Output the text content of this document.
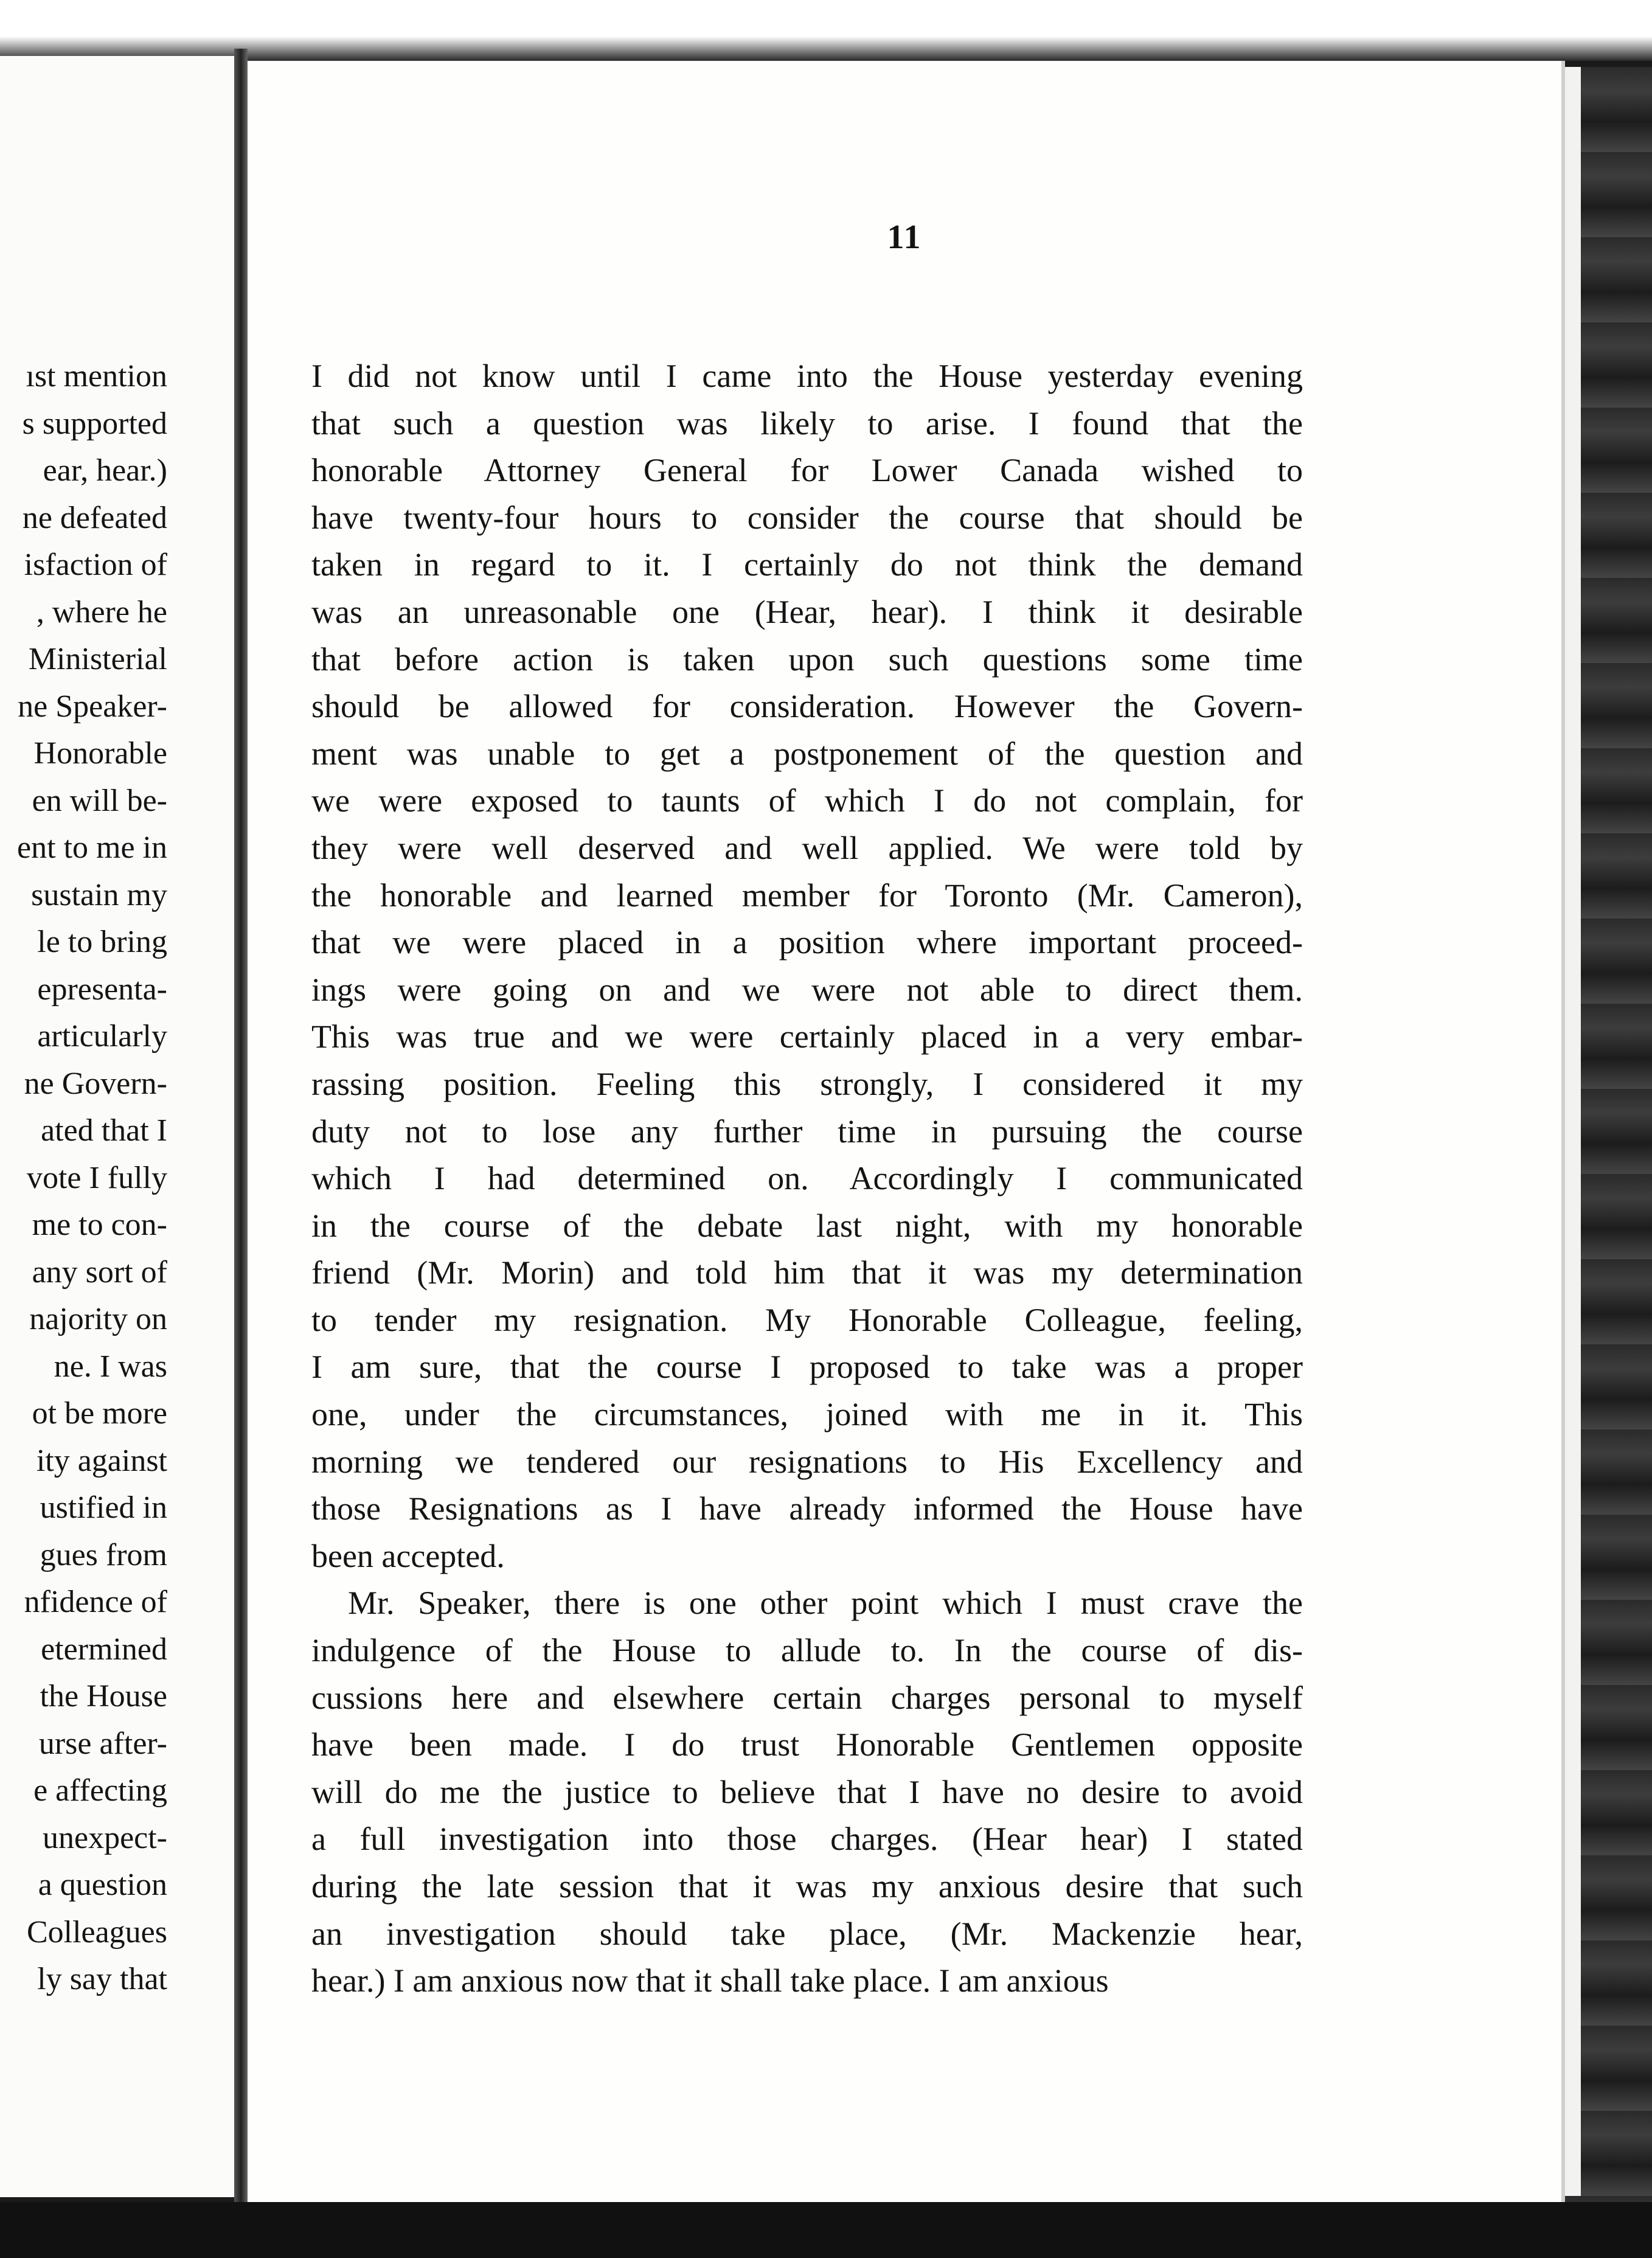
ıst mention
s supported
ear, hear.)
ne defeated
isfaction of
, where he
Ministerial
ne Speaker-
Honorable
en will be-
ent to me in
sustain my
le to bring
epresenta-
articularly
ne Govern-
ated that I
vote I fully
me to con-
any sort of
najority on
ne. I was
ot be more
ity against
ustified in
gues from
nfidence of
etermined
the House
urse after-
e affecting
unexpect-
a question
Colleagues
ly say that
11
I did not know until I came into the House yesterday evening
that such a question was likely to arise. I found that the
honorable Attorney General for Lower Canada wished to
have twenty-four hours to consider the course that should be
taken in regard to it. I certainly do not think the demand
was an unreasonable one (Hear, hear). I think it desirable
that before action is taken upon such questions some time
should be allowed for consideration. However the Govern-
ment was unable to get a postponement of the question and
we were exposed to taunts of which I do not complain, for
they were well deserved and well applied. We were told by
the honorable and learned member for Toronto (Mr. Cameron),
that we were placed in a position where important proceed-
ings were going on and we were not able to direct them.
This was true and we were certainly placed in a very embar-
rassing position. Feeling this strongly, I considered it my
duty not to lose any further time in pursuing the course
which I had determined on. Accordingly I communicated
in the course of the debate last night, with my honorable
friend (Mr. Morin) and told him that it was my determination
to tender my resignation. My Honorable Colleague, feeling,
I am sure, that the course I proposed to take was a proper
one, under the circumstances, joined with me in it. This
morning we tendered our resignations to His Excellency and
those Resignations as I have already informed the House have
been accepted.
Mr. Speaker, there is one other point which I must crave the
indulgence of the House to allude to. In the course of dis-
cussions here and elsewhere certain charges personal to myself
have been made. I do trust Honorable Gentlemen opposite
will do me the justice to believe that I have no desire to avoid
a full investigation into those charges. (Hear hear) I stated
during the late session that it was my anxious desire that such
an investigation should take place, (Mr. Mackenzie hear,
hear.) I am anxious now that it shall take place. I am anxious
